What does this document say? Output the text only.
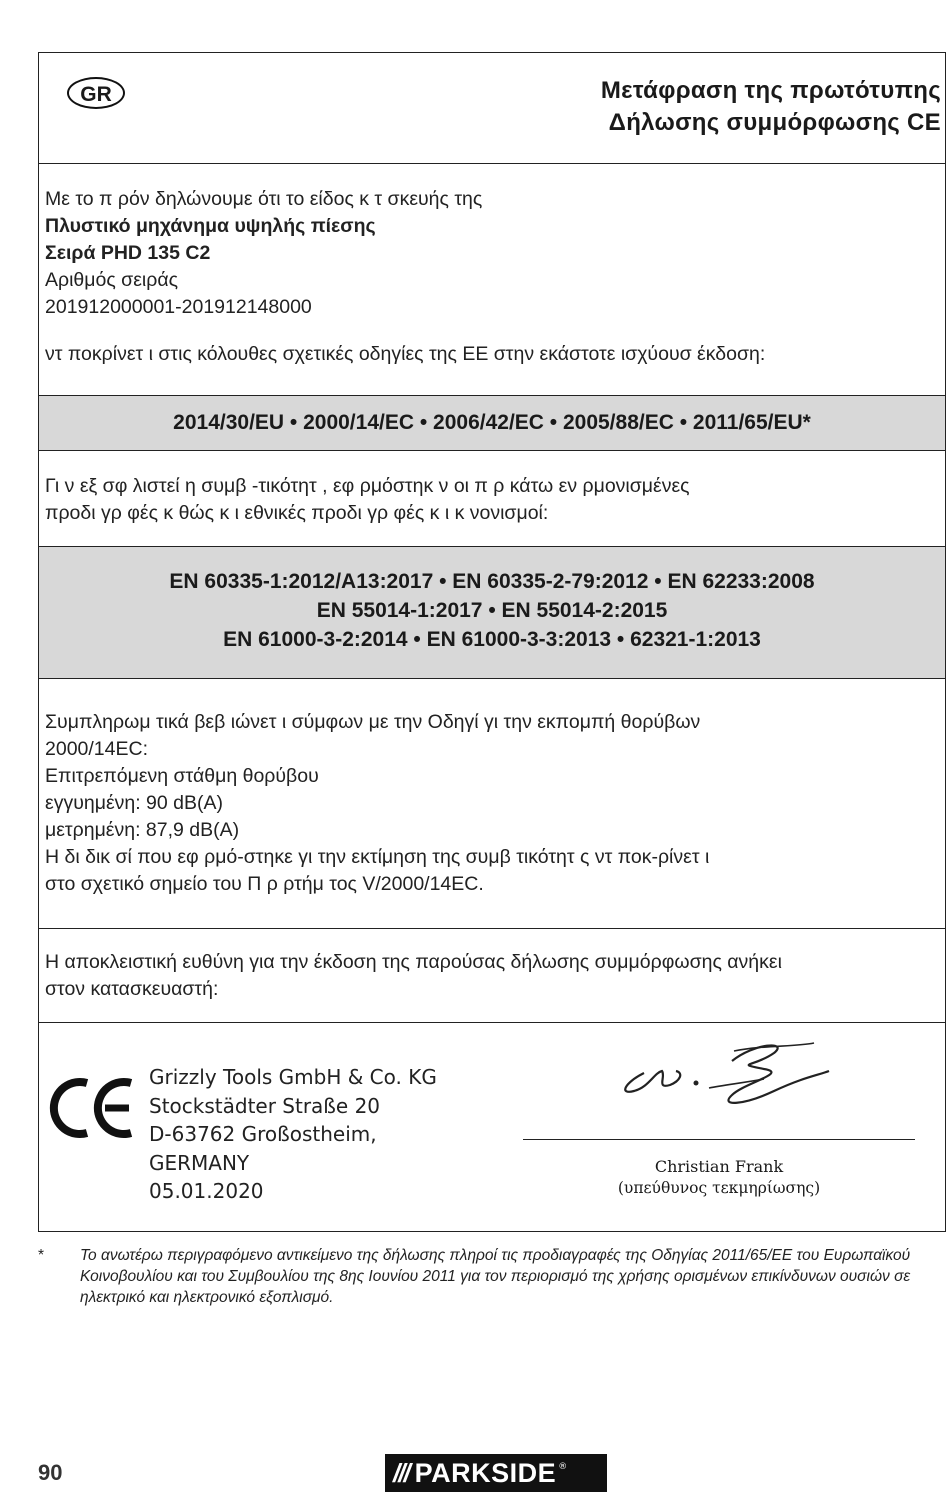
GR	Μετάφραση της πρωτότυπης
Δήλωσης συμμόρφωσης CE
Με το π ρόν δηλώνουμε ότι το είδος κ τ σκευής της
Πλυστικό μηχάνημα υψηλής πίεσης
Σειρά PHD 135 C2
Αριθμός σειράς
201912000001-201912148000
ντ ποκρίνετ ι στις κόλουθες σχετικές οδηγίες της ΕΕ στην εκάστοτε ισχύουσ έκδοση:
2014/30/EU • 2000/14/EC • 2006/42/EC • 2005/88/EC • 2011/65/EU*
Γι ν εξ σφ λιστεί η συμβ -τικότητ , εφ ρμόστηκ ν οι π ρ κάτω εν ρμονισμένες
προδι γρ φές κ θώς κ ι εθνικές προδι γρ φές κ ι κ νονισμοί:
EN 60335-1:2012/A13:2017 • EN 60335-2-79:2012 • EN 62233:2008
EN 55014-1:2017 • EN 55014-2:2015
EN 61000-3-2:2014 • EN 61000-3-3:2013 • 62321-1:2013
Συμπληρωμ τικά βεβ ιώνετ ι σύμφων με την Οδηγί γι την εκπομπή θορύβων
2000/14EC:
Επιτρεπόμενη στάθμη θορύβου
εγγυημένη: 90 dB(A)
μετρημένη: 87,9 dB(A)
Η δι δικ σί που εφ ρμό-στηκε γι την εκτίμηση της συμβ τικότητ ς ντ ποκ-ρίνετ ι
στο σχετικό σημείο του Π ρ ρτήμ τος V/2000/14EC.
Η αποκλειστική ευθύνη για την έκδοση της παρούσας δήλωσης συμμόρφωσης ανήκει
στον κατασκευαστή:
Grizzly Tools GmbH & Co. KG
Stockstädter Straße 20
D-63762 Großostheim,
GERMANY
05.01.2020
Christian Frank
(υπεύθυνος τεκμηρίωσης)
* Το ανωτέρω περιγραφόμενο αντικείμενο της δήλωσης πληροί τις προδιαγραφές της Οδηγίας 2011/65/ΕΕ του Ευρωπαϊκού Κοινοβουλίου και του Συμβουλίου της 8ης Ιουνίου 2011 για τον περιορισμό της χρήσης ορισμένων επικίνδυνων ουσιών σε ηλεκτρικό και ηλεκτρονικό εξοπλισμό.
90	/// PARKSIDE ®
